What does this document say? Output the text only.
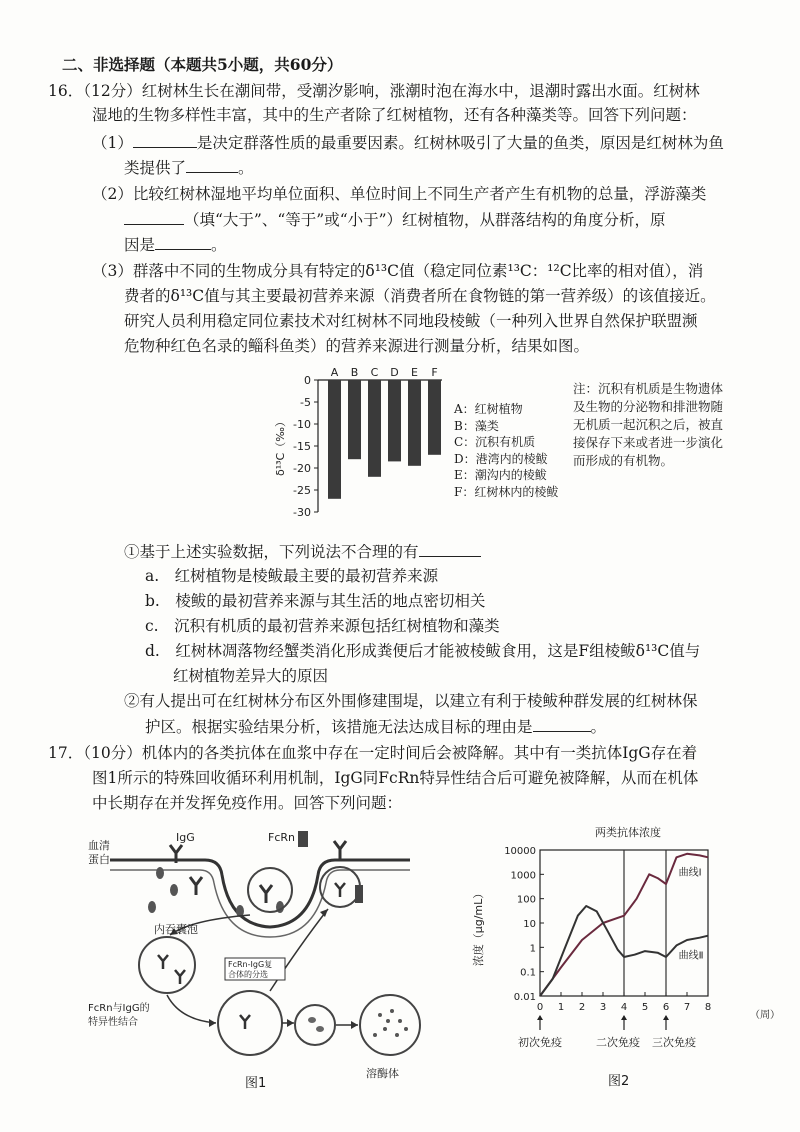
二、非选择题（本题共5小题，共60分）
16．（12分）红树林生长在潮间带，受潮汐影响，涨潮时泡在海水中，退潮时露出水面。红树林
湿地的生物多样性丰富，其中的生产者除了红树植物，还有各种藻类等。回答下列问题：
（1）	是决定群落性质的最重要因素。红树林吸引了大量的鱼类，原因是红树林为鱼
类提供了	。
（2）比较红树林湿地平均单位面积、单位时间上不同生产者产生有机物的总量，浮游藻类
（填“大于”、“等于”或“小于”）红树植物，从群落结构的角度分析，原
因是	。
（3）群落中不同的生物成分具有特定的δ¹³C值（稳定同位素¹³C：¹²C比率的相对值），消
费者的δ¹³C值与其主要最初营养来源（消费者所在食物链的第一营养级）的该值接近。
研究人员利用稳定同位素技术对红树林不同地段棱鲅（一种列入世界自然保护联盟濒
危物种红色名录的鲻科鱼类）的营养来源进行测量分析，结果如图。
0
-5
-10
-15
-20
-25
-30
δ¹³C（‰）
A B C D E F
A：红树植物
B：藻类
C：沉积有机质
D：港湾内的棱鲅
E：潮沟内的棱鲅
F：红树林内的棱鲅
注：沉积有机质是生物遗体及生物的分泌物和排泄物随无机质一起沉积之后，被直接保存下来或者进一步演化而形成的有机物。
①基于上述实验数据，下列说法不合理的有
a.　红树植物是棱鲅最主要的最初营养来源
b.　棱鲅的最初营养来源与其生活的地点密切相关
c.　沉积有机质的最初营养来源包括红树植物和藻类
d.　红树林凋落物经蟹类消化形成粪便后才能被棱鲅食用，这是F组棱鲅δ¹³C值与
红树植物差异大的原因
②有人提出可在红树林分布区外围修建围堤，以建立有利于棱鲅种群发展的红树林保
护区。根据实验结果分析，该措施无法达成目标的理由是	。
17．（10分）机体内的各类抗体在血浆中存在一定时间后会被降解。其中有一类抗体IgG存在着
图1所示的特殊回收循环利用机制，IgG同FcRn特异性结合后可避免被降解，从而在机体
中长期存在并发挥免疫作用。回答下列问题：
血清
蛋白
IgG	FcRn
内吞囊泡
FcRn-IgG复
合体的分选
FcRn与IgG的
特异性结合
溶酶体
图1
两类抗体浓度
10000
1000
100
10
1
0.1
0.01
0 1 2 3 4 5 6 7 8
曲线Ⅰ
曲线Ⅱ
初次免疫	二次免疫 三次免疫
浓度（μg/mL）
（周）
图2
